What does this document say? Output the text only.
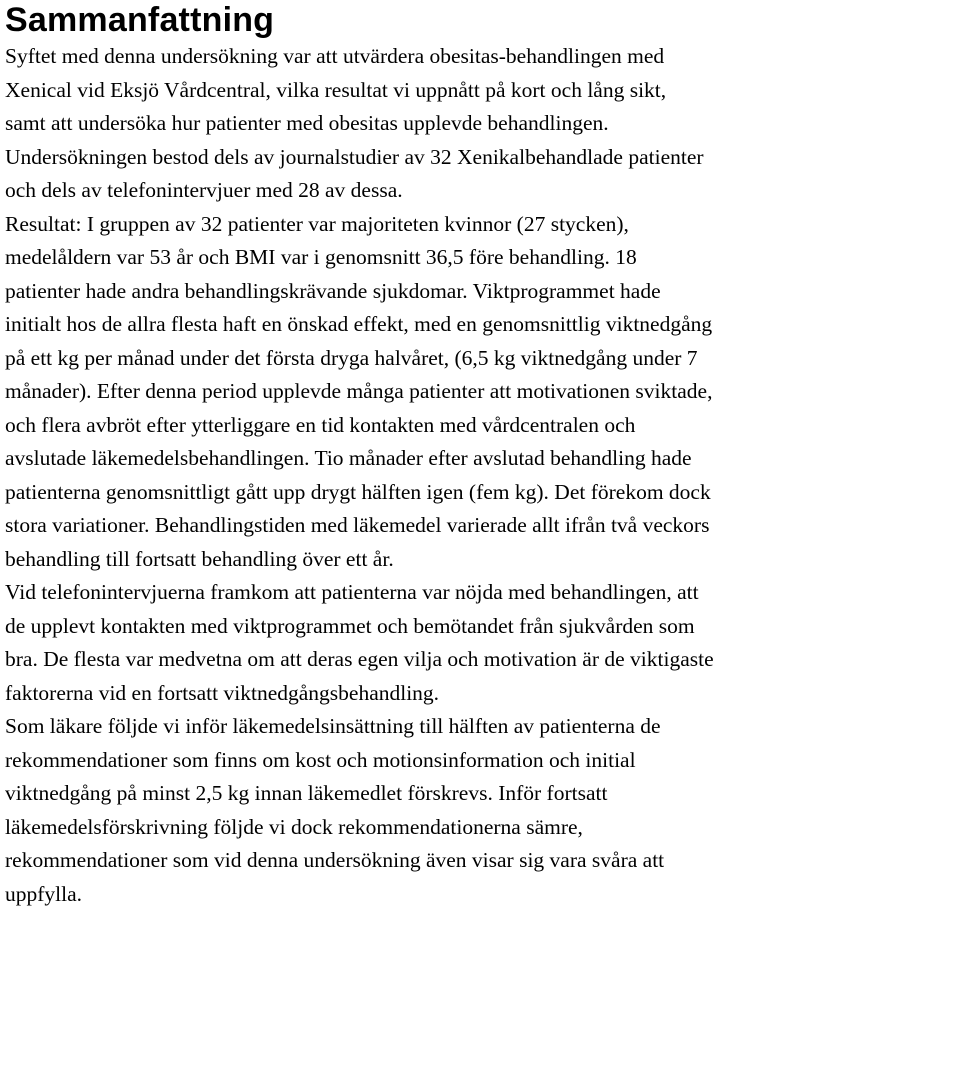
Sammanfattning

Syftet med denna undersökning var att utvärdera obesitas-behandlingen med
Xenical vid Eksjö Vårdcentral, vilka resultat vi uppnått på kort och lång sikt,
samt att undersöka hur patienter med obesitas upplevde behandlingen.

Undersökningen bestod dels av journalstudier av 32 Xenikalbehandlade patienter
och dels av telefonintervjuer med 28 av dessa.

Resultat: I gruppen av 32 patienter var majoriteten kvinnor (27 stycken),
medelåldern var 53 år och BMI var i genomsnitt 36,5 före behandling. 18
patienter hade andra behandlingskrävande sjukdomar. Viktprogrammet hade
initialt hos de allra flesta haft en önskad effekt, med en genomsnittlig viktnedgång
på ett kg per månad under det första dryga halvåret, (6,5 kg viktnedgång under 7
månader). Efter denna period upplevde många patienter att motivationen sviktade,
och flera avbröt efter ytterliggare en tid kontakten med vårdcentralen och
avslutade läkemedelsbehandlingen. Tio månader efter avslutad behandling hade
patienterna genomsnittligt gått upp drygt hälften igen (fem kg). Det förekom dock
stora variationer. Behandlingstiden med läkemedel varierade allt ifrån två veckors
behandling till fortsatt behandling över ett år.

Vid telefonintervjuerna framkom att patienterna var nöjda med behandlingen, att
de upplevt kontakten med viktprogrammet och bemötandet från sjukvården som
bra. De flesta var medvetna om att deras egen vilja och motivation är de viktigaste
faktorerna vid en fortsatt viktnedgångsbehandling.

Som läkare följde vi inför läkemedelsinsättning till hälften av patienterna de
rekommendationer som finns om kost och motionsinformation och initial
viktnedgång på minst 2,5 kg innan läkemedlet förskrevs. Inför fortsatt
läkemedelsförskrivning följde vi dock rekommendationerna sämre,
rekommendationer som vid denna undersökning även visar sig vara svåra att
uppfylla.
